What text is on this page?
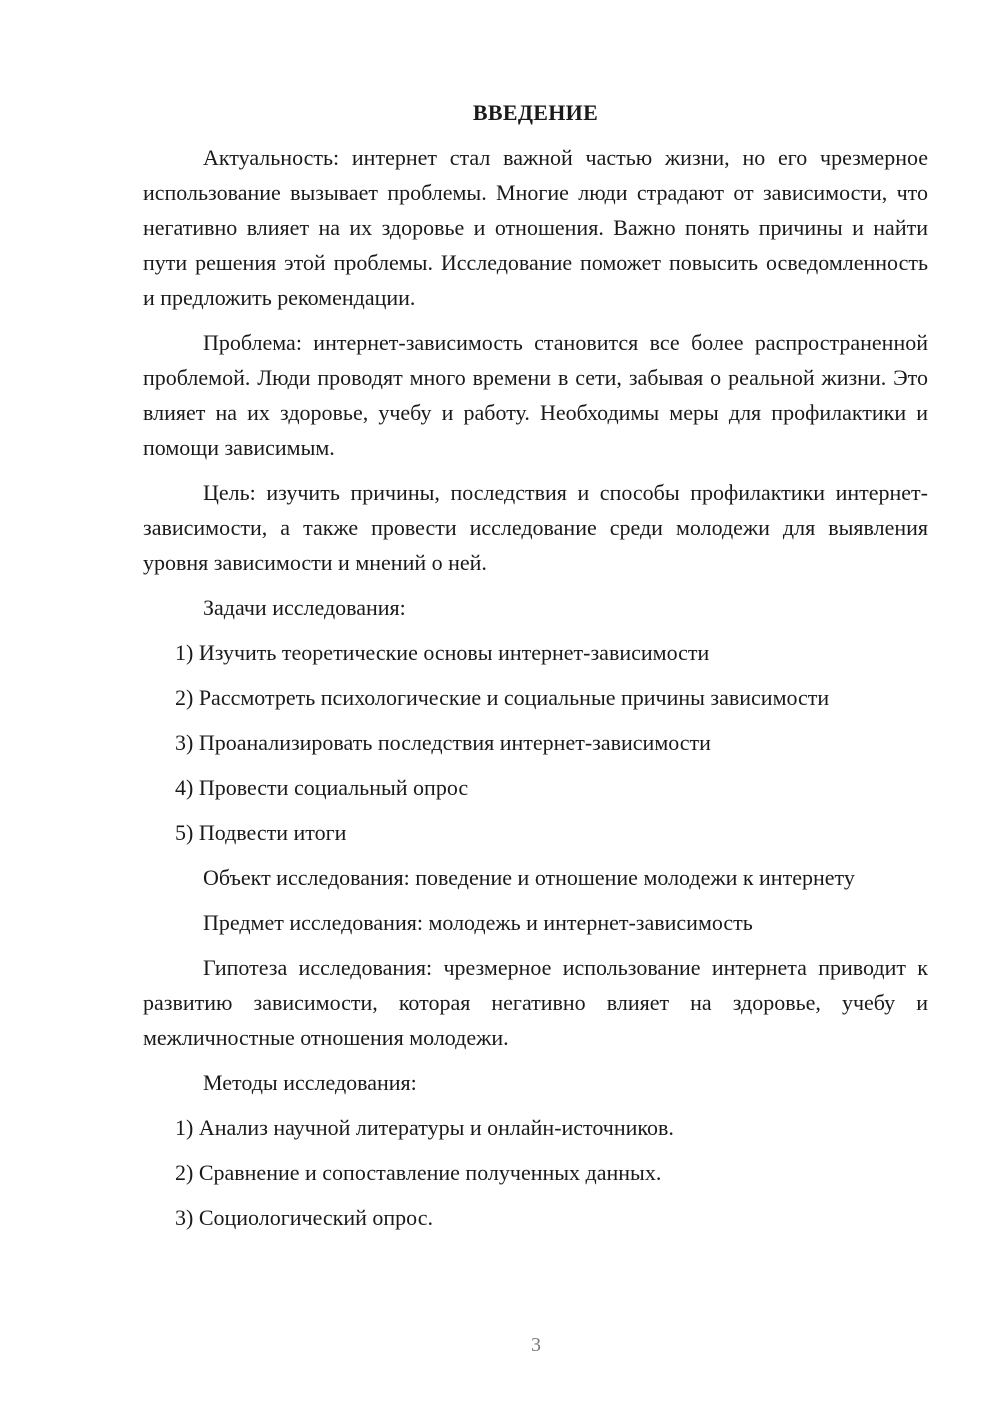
ВВЕДЕНИЕ

Актуальность: интернет стал важной частью жизни, но его чрезмерное использование вызывает проблемы. Многие люди страдают от зависимости, что негативно влияет на их здоровье и отношения. Важно понять причины и найти пути решения этой проблемы. Исследование поможет повысить осведомленность и предложить рекомендации.

Проблема: интернет-зависимость становится все более распространенной проблемой. Люди проводят много времени в сети, забывая о реальной жизни. Это влияет на их здоровье, учебу и работу. Необходимы меры для профилактики и помощи зависимым.

Цель: изучить причины, последствия и способы профилактики интернет-зависимости, а также провести исследование среди молодежи для выявления уровня зависимости и мнений о ней.

Задачи исследования:

1) Изучить теоретические основы интернет-зависимости

2) Рассмотреть психологические и социальные причины зависимости

3) Проанализировать последствия интернет-зависимости

4) Провести социальный опрос

5) Подвести итоги

Объект исследования: поведение и отношение молодежи к интернету

Предмет исследования: молодежь и интернет-зависимость

Гипотеза исследования: чрезмерное использование интернета приводит к развитию зависимости, которая негативно влияет на здоровье, учебу и межличностные отношения молодежи.

Методы исследования:

1) Анализ научной литературы и онлайн-источников.

2) Сравнение и сопоставление полученных данных.

3) Социологический опрос.

3
